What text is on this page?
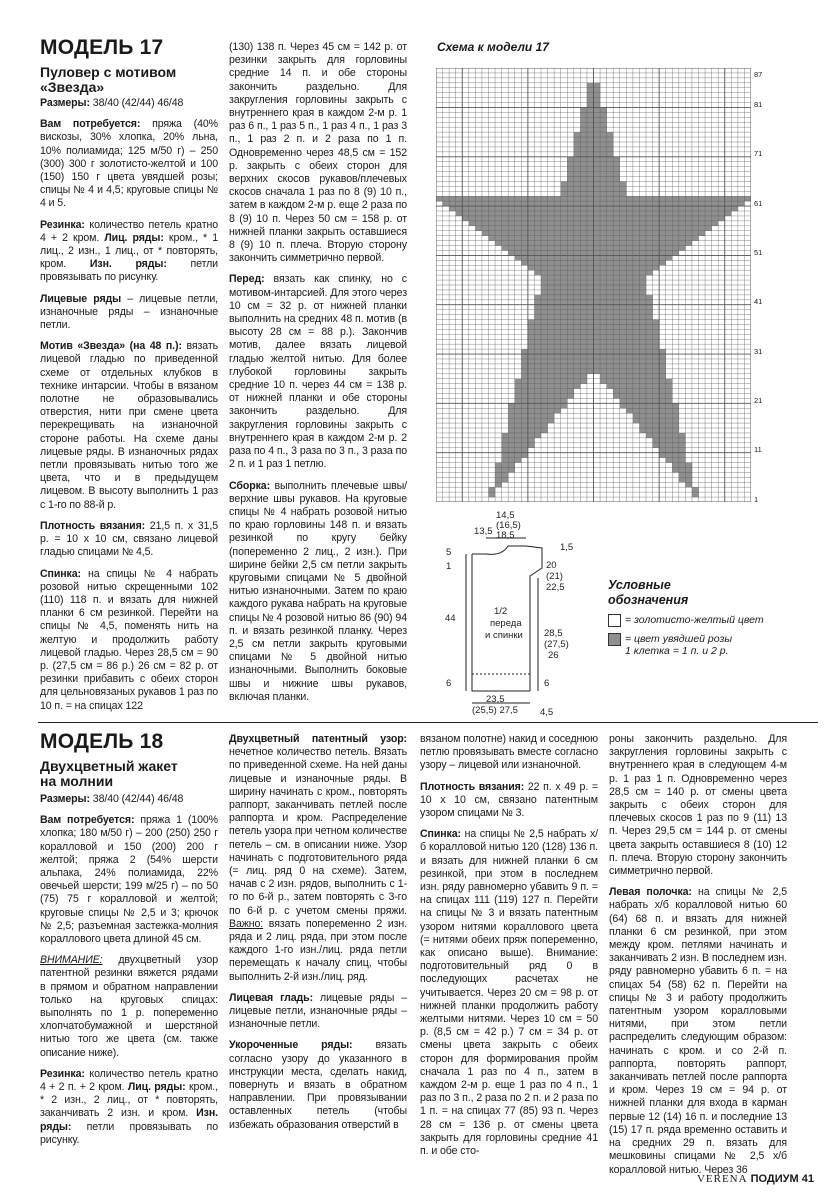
МОДЕЛЬ 17
Пуловер с мотивом
«Звезда»

Размеры: 38/40 (42/44) 46/48

Вам потребуется: пряжа (40% вискозы, 30% хлопка, 20% льна, 10% полиамида; 125 м/50 г) – 250 (300) 300 г золотисто-желтой и 100 (150) 150 г цвета увядшей розы; спицы № 4 и 4,5; круговые спицы № 4 и 5.

Резинка: количество петель кратно 4 + 2 кром. Лиц. ряды: кром., * 1 лиц., 2 изн., 1 лиц., от * повторять, кром. Изн. ряды: петли провязывать по рисунку.

Лицевые ряды – лицевые петли, изнаночные ряды – изнаночные петли.

Мотив «Звезда» (на 48 п.): вязать лицевой гладью по приведенной схеме от отдельных клубков в технике интарсии. Чтобы в вязаном полотне не образовывались отверстия, нити при смене цвета перекрещивать на изнаночной стороне работы. На схеме даны лицевые ряды. В изнаночных рядах петли провязывать нитью того же цвета, что и в предыдущем лицевом. В высоту выполнить 1 раз с 1-го по 88-й р.

Плотность вязания: 21,5 п. х 31,5 р. = 10 х 10 см, связано лицевой гладью спицами № 4,5.

Спинка: на спицы № 4 набрать розовой нитью скрещенными 102 (110) 118 п. и вязать для нижней планки 6 см резинкой. Перейти на спицы № 4,5, поменять нить на желтую и продолжить работу лицевой гладью. Через 28,5 см = 90 р. (27,5 см = 86 р.) 26 см = 82 р. от резинки прибавить с обеих сторон для цельновязаных рукавов 1 раз по 10 п. = на спицах 122

(130) 138 п. Через 45 см = 142 р. от резинки закрыть для горловины средние 14 п. и обе стороны закончить раздельно. Для закругления горловины закрыть с внутреннего края в каждом 2-м р. 1 раз 6 п., 1 раз 5 п., 1 раз 4 п., 1 раз 3 п., 1 раз 2 п. и 2 раза по 1 п. Одновременно через 48,5 см = 152 р. закрыть с обеих сторон для верхних скосов рукавов/плечевых скосов сначала 1 раз по 8 (9) 10 п., затем в каждом 2-м р. еще 2 раза по 8 (9) 10 п. Через 50 см = 158 р. от нижней планки закрыть оставшиеся 8 (9) 10 п. плеча. Вторую сторону закончить симметрично первой.

Перед: вязать как спинку, но с мотивом-интарсией. Для этого через 10 см = 32 р. от нижней планки выполнить на средних 48 п. мотив (в высоту 28 см = 88 р.). Закончив мотив, далее вязать лицевой гладью желтой нитью. Для более глубокой горловины закрыть средние 10 п. через 44 см = 138 р. от нижней планки и обе стороны закончить раздельно. Для закругления горловины закрыть с внутреннего края в каждом 2-м р. 2 раза по 4 п., 3 раза по 3 п., 3 раза по 2 п. и 1 раз 1 петлю.

Сборка: выполнить плечевые швы/верхние швы рукавов. На круговые спицы № 4 набрать розовой нитью по краю горловины 148 п. и вязать резинкой по кругу бейку (попеременно 2 лиц., 2 изн.). При ширине бейки 2,5 см петли закрыть круговыми спицами № 5 двойной нитью изнаночными. Затем по краю каждого рукава набрать на круговые спицы № 4 розовой нитью 86 (90) 94 п. и вязать резинкой планку. Через 2,5 см петли закрыть круговыми спицами № 5 двойной нитью изнаночными. Выполнить боковые швы и нижние швы рукавов, включая планки.

Схема к модели 17
87
81
71
61
51
41
31
21
11
1
14,5
(16,5)
18,5
13,5
1,5
5
1	20
(21)
22,5
44
1/2
переда
и спинки 28,5
(27,5)
26
6	6
23,5
(25,5) 27,5 4,5
Условные
обозначения
= золотисто-желтый цвет
= цвет увядшей розы
1 клетка = 1 п. и 2 р.
МОДЕЛЬ 18
Двухцветный жакет
на молнии

Размеры: 38/40 (42/44) 46/48

Вам потребуется: пряжа 1 (100% хлопка; 180 м/50 г) – 200 (250) 250 г коралловой и 150 (200) 200 г желтой; пряжа 2 (54% шерсти альпака, 24% полиамида, 22% овечьей шерсти; 199 м/25 г) – по 50 (75) 75 г коралловой и желтой; круговые спицы № 2,5 и 3; крючок № 2,5; разъемная застежка-молния кораллового цвета длиной 45 см.

ВНИМАНИЕ: двухцветный узор патентной резинки вяжется рядами в прямом и обратном направлении только на круговых спицах: выполнять по 1 р. попеременно хлопчатобумажной и шерстяной нитью того же цвета (см. также описание ниже).

Резинка: количество петель кратно 4 + 2 п. + 2 кром. Лиц. ряды: кром., * 2 изн., 2 лиц., от * повторять, заканчивать 2 изн. и кром. Изн. ряды: петли провязывать по рисунку.

Двухцветный патентный узор: нечетное количество петель. Вязать по приведенной схеме. На ней даны лицевые и изнаночные ряды. В ширину начинать с кром., повторять раппорт, заканчивать петлей после раппорта и кром. Распределение петель узора при четном количестве петель – см. в описании ниже. Узор начинать с подготовительного ряда (= лиц. ряд 0 на схеме). Затем, начав с 2 изн. рядов, выполнить с 1-го по 6-й р., затем повторять с 3-го по 6-й р. с учетом смены пряжи. Важно: вязать попеременно 2 изн. ряда и 2 лиц. ряда, при этом после каждого 1-го изн./лиц. ряда петли перемещать к началу спиц, чтобы выполнить 2-й изн./лиц. ряд.

Лицевая гладь: лицевые ряды – лицевые петли, изнаночные ряды – изнаночные петли.

Укороченные ряды: вязать согласно узору до указанного в инструкции места, сделать накид, повернуть и вязать в обратном направлении. При провязывании оставленных петель (чтобы избежать образования отверстий в

вязаном полотне) накид и соседнюю петлю провязывать вместе согласно узору – лицевой или изнаночной.

Плотность вязания: 22 п. х 49 р. = 10 х 10 см, связано патентным узором спицами № 3.

Спинка: на спицы № 2,5 набрать х/б коралловой нитью 120 (128) 136 п. и вязать для нижней планки 6 см резинкой, при этом в последнем изн. ряду равномерно убавить 9 п. = на спицах 111 (119) 127 п. Перейти на спицы № 3 и вязать патентным узором нитями кораллового цвета (= нитями обеих пряж попеременно, как описано выше). Внимание: подготовительный ряд 0 в последующих расчетах не учитывается. Через 20 см = 98 р. от нижней планки продолжить работу желтыми нитями. Через 10 см = 50 р. (8,5 см = 42 р.) 7 см = 34 р. от смены цвета закрыть с обеих сторон для формирования пройм сначала 1 раз по 4 п., затем в каждом 2-м р. еще 1 раз по 4 п., 1 раз по 3 п., 2 раза по 2 п. и 2 раза по 1 п. = на спицах 77 (85) 93 п. Через 28 см = 136 р. от смены цвета закрыть для горловины средние 41 п. и обе сто-

роны закончить раздельно. Для закругления горловины закрыть с внутреннего края в следующем 4-м р. 1 раз 1 п. Одновременно через 28,5 см = 140 р. от смены цвета закрыть с обеих сторон для плечевых скосов 1 раз по 9 (11) 13 п. Через 29,5 см = 144 р. от смены цвета закрыть оставшиеся 8 (10) 12 п. плеча. Вторую сторону закончить симметрично первой.

Левая полочка: на спицы № 2,5 набрать х/б коралловой нитью 60 (64) 68 п. и вязать для нижней планки 6 см резинкой, при этом между кром. петлями начинать и заканчивать 2 изн. В последнем изн. ряду равномерно убавить 6 п. = на спицах 54 (58) 62 п. Перейти на спицы № 3 и работу продолжить патентным узором коралловыми нитями, при этом петли распределить следующим образом: начинать с кром. и со 2-й п. раппорта, повторять раппорт, заканчивать петлей после раппорта и кром. Через 19 см = 94 р. от нижней планки для входа в карман первые 12 (14) 16 п. и последние 13 (15) 17 п. ряда временно оставить и на средних 29 п. вязать для мешковины спицами № 2,5 х/б коралловой нитью. Через 36

VERENA ПОДИУМ 41
